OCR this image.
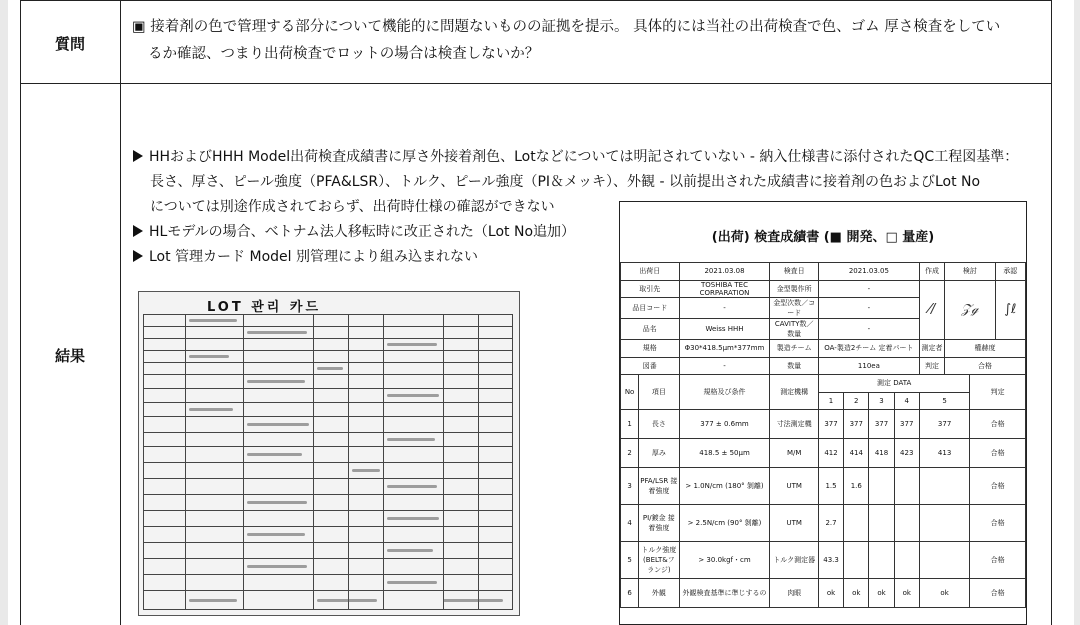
質問
▣ 接着剤の色で管理する部分について機能的に問題ないものの証拠を提示。 具体的には当社の出荷検査で色、ゴム 厚さ検査をしてい
るか確認、つまり出荷検査でロットの場合は検査しないか？
結果
HHおよびHHH Model出荷検査成績書に厚さ外接着剤色、Lotなどについては明記されていない - 納入仕様書に添付されたQC工程図基準：
長さ、厚さ、ピール強度（PFA&LSR）、トルク、ピール強度（PI＆メッキ）、外観 - 以前提出された成績書に接着剤の色およびLot No
については別途作成されておらず、出荷時仕様の確認ができない
HLモデルの場合、ベトナム法人移転時に改正された（Lot No追加）
Lot 管理カード Model 別管理により組み込まれない
LOT 관리 카드
(出荷) 検査成績書 (■ 開発、□ 量産)
出荷日		2021.03.08	検査日	2021.03.05				作成	検討		承認
取引先		TOSHIBA TEC CORPARATION	金型製作所	-				⁄/	𝒵ℊ		∫ℓ
品目コード		-	金型次数／コード	-							
品名		Weiss HHH	CAVITY数／数量	-							
規格		Φ30*418.5μm*377mm	製造チーム	OA-製造2チーム 定着パート				測定者	權赫度		
図番		-	数量	110ea				判定	合格		
No	項目	規格及び条件	測定機構	測定 DATA						判定	
				1	2	3	4	5			
1	長さ	377 ± 0.6mm	寸法測定機	377	377	377	377	377		合格	
2	厚み	418.5 ± 50μm	M/M	412	414	418	423	413		合格	
3	PFA/LSR 接着強度	> 1.0N/cm (180° 剝離)	UTM	1.5	1.6					合格	
4	PI/鍍金 接着強度	> 2.5N/cm (90° 剝離)	UTM	2.7						合格	
5	トルク強度 (BELT&フランジ)	> 30.0kgf・cm	トルク測定器	43.3						合格	
6	外観	外観検査基準に準じするの	肉眼	ok	ok	ok	ok	ok		合格	
